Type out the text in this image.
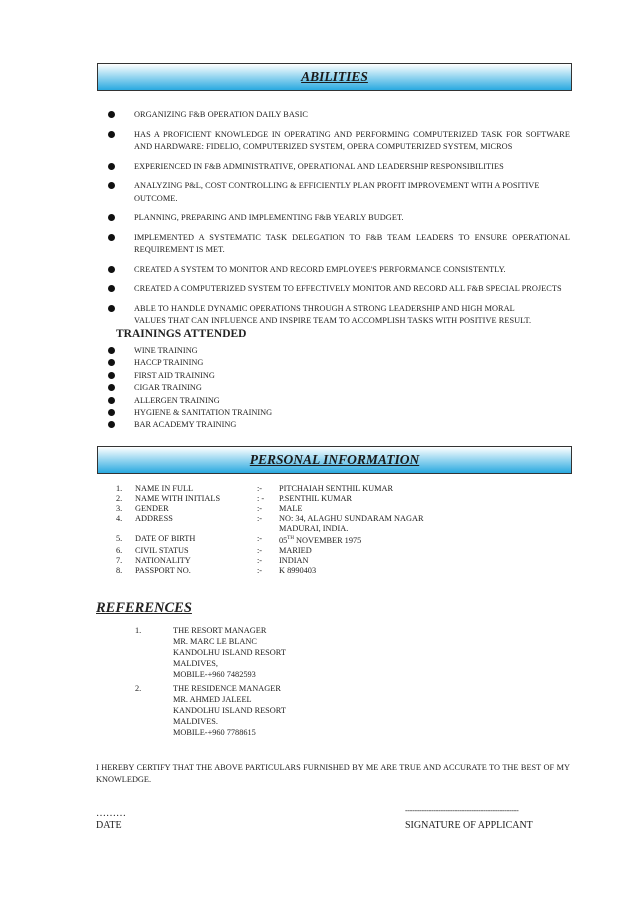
ABILITIES
ORGANIZING F&B OPERATION DAILY BASIC
HAS A PROFICIENT KNOWLEDGE IN OPERATING AND PERFORMING COMPUTERIZED TASK FOR SOFTWARE AND HARDWARE: FIDELIO, COMPUTERIZED SYSTEM, OPERA COMPUTERIZED SYSTEM, MICROS
EXPERIENCED IN F&B ADMINISTRATIVE, OPERATIONAL AND LEADERSHIP RESPONSIBILITIES
ANALYZING P&L, COST CONTROLLING & EFFICIENTLY PLAN PROFIT IMPROVEMENT WITH A POSITIVE OUTCOME.
PLANNING, PREPARING AND IMPLEMENTING F&B YEARLY BUDGET.
IMPLEMENTED A SYSTEMATIC TASK DELEGATION TO F&B TEAM LEADERS TO ENSURE OPERATIONAL REQUIREMENT IS MET.
CREATED A SYSTEM TO MONITOR AND RECORD EMPLOYEE'S PERFORMANCE CONSISTENTLY.
CREATED A COMPUTERIZED SYSTEM TO EFFECTIVELY MONITOR AND RECORD ALL F&B SPECIAL PROJECTS
ABLE TO HANDLE DYNAMIC OPERATIONS THROUGH A STRONG LEADERSHIP AND HIGH MORAL VALUES THAT CAN INFLUENCE AND INSPIRE TEAM TO ACCOMPLISH TASKS WITH POSITIVE RESULT.
TRAININGS ATTENDED
WINE TRAINING
HACCP TRAINING
FIRST AID TRAINING
CIGAR TRAINING
ALLERGEN TRAINING
HYGIENE & SANITATION TRAINING
BAR ACADEMY TRAINING
PERSONAL INFORMATION
1.	NAME IN FULL	:-	PITCHAIAH SENTHIL KUMAR
2.	NAME WITH INITIALS	: -	P.SENTHIL KUMAR
3.	GENDER	:-	MALE
4.	ADDRESS	:-	NO: 34, ALAGHU SUNDARAM NAGAR
MADURAI, INDIA.

5.	DATE OF BIRTH	:-	05TH NOVEMBER 1975
6.	CIVIL STATUS	:-	MARIED
7.	NATIONALITY	:-	INDIAN
8.	PASSPORT NO.	:-	K 8990403
REFERENCES
1.	THE RESORT MANAGER
MR. MARC LE BLANC
KANDOLHU ISLAND RESORT
MALDIVES,
MOBILE-+960 7482593
2.	THE RESIDENCE MANAGER
MR. AHMED JALEEL
KANDOLHU ISLAND RESORT
MALDIVES.
MOBILE-+960 7788615
I HEREBY CERTIFY THAT THE ABOVE PARTICULARS FURNISHED BY ME ARE TRUE AND ACCURATE TO THE BEST OF MY KNOWLEDGE.
………
DATE
------------------------------------------------
SIGNATURE OF APPLICANT
